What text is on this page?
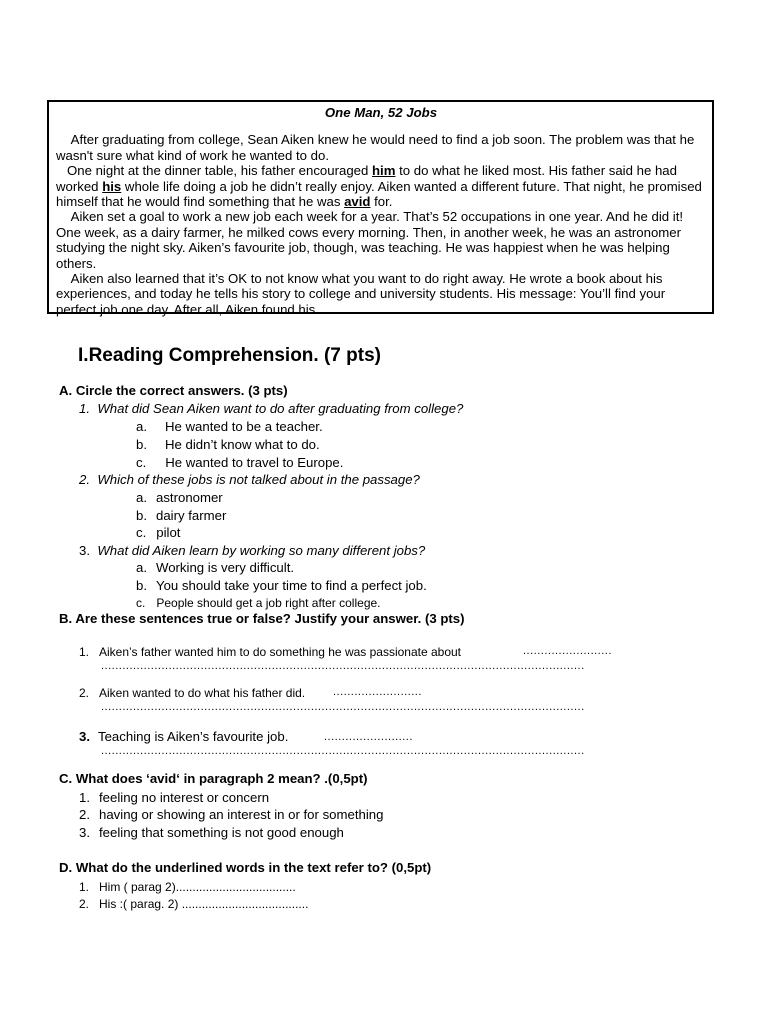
One Man, 52 Jobs

After graduating from college, Sean Aiken knew he would need to find a job soon. The problem was that he wasn't sure what kind of work he wanted to do.

One night at the dinner table, his father encouraged him to do what he liked most. His father said he had worked his whole life doing a job he didn’t really enjoy. Aiken wanted a different future. That night, he promised himself that he would find something that he was avid for.

Aiken set a goal to work a new job each week for a year. That’s 52 occupations in one year. And he did it! One week, as a dairy farmer, he milked cows every morning. Then, in another week, he was an astronomer studying the night sky. Aiken’s favourite job, though, was teaching. He was happiest when he was helping others.

Aiken also learned that it’s OK to not know what you want to do right away. He wrote a book about his experiences, and today he tells his story to college and university students. His message: You’ll find your perfect job one day. After all, Aiken found his.

I.Reading Comprehension. (7 pts)
A. Circle the correct answers. (3 pts)
1. What did Sean Aiken want to do after graduating from college?
a. He wanted to be a teacher.
b. He didn’t know what to do.
c. He wanted to travel to Europe.
2. Which of these jobs is not talked about in the passage?
a. astronomer
b. dairy farmer
c. pilot
3. What did Aiken learn by working so many different jobs?
a. Working is very difficult.
b. You should take your time to find a perfect job.
c. People should get a job right after college.
B. Are these sentences true or false? Justify your answer. (3 pts)
1. Aiken’s father wanted him to do something he was passionate about	.........................
........................................................................................................................................
2. Aiken wanted to do what his father did.	.........................
........................................................................................................................................
3. Teaching is Aiken’s favourite job.	.........................
........................................................................................................................................
C. What does ‘avid‘ in paragraph 2 mean? .(0,5pt)
1. feeling no interest or concern
2. having or showing an interest in or for something
3. feeling that something is not good enough
D. What do the underlined words in the text refer to? (0,5pt)
1. Him ( parag 2)....................................
2. His :( parag. 2) ......................................
